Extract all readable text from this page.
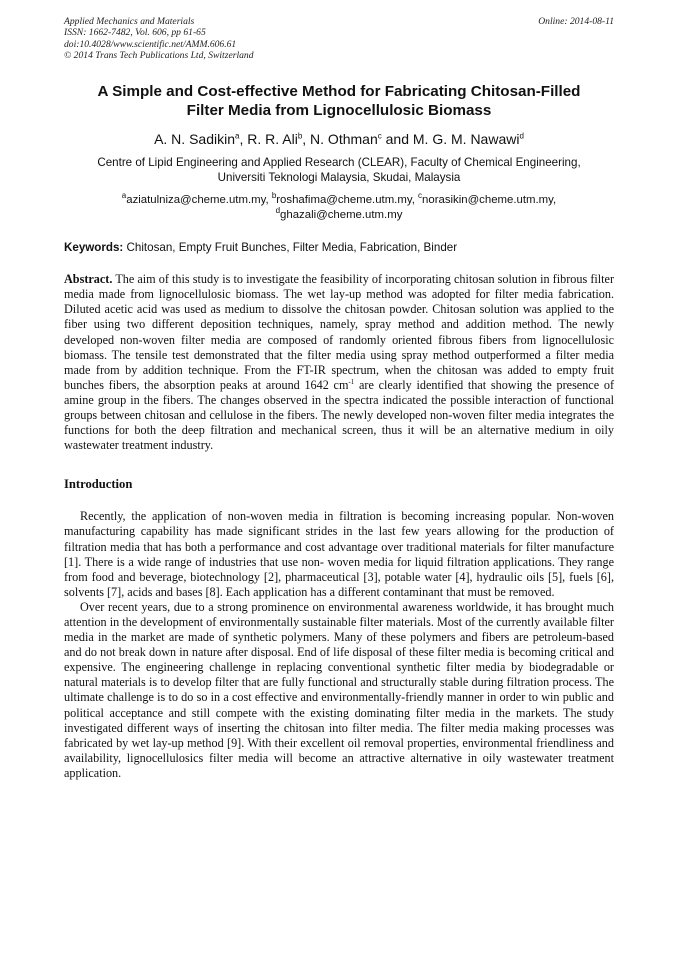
Applied Mechanics and Materials
ISSN: 1662-7482, Vol. 606, pp 61-65
doi:10.4028/www.scientific.net/AMM.606.61
© 2014 Trans Tech Publications Ltd, Switzerland
Online: 2014-08-11
A Simple and Cost-effective Method for Fabricating Chitosan-Filled
Filter Media from Lignocellulosic Biomass
A. N. Sadikin$^a$, R. R. Ali$^b$, N. Othman$^c$ and M. G. M. Nawawi$^d$
Centre of Lipid Engineering and Applied Research (CLEAR), Faculty of Chemical Engineering,
Universiti Teknologi Malaysia, Skudai, Malaysia
$^a$aziatulniza@cheme.utm.my, $^b$roshafima@cheme.utm.my, $^c$norasikin@cheme.utm.my,
$^d$ghazali@cheme.utm.my
Keywords: Chitosan, Empty Fruit Bunches, Filter Media, Fabrication, Binder
Abstract. The aim of this study is to investigate the feasibility of incorporating chitosan solution in fibrous filter media made from lignocellulosic biomass. The wet lay-up method was adopted for filter media fabrication. Diluted acetic acid was used as medium to dissolve the chitosan powder. Chitosan solution was applied to the fiber using two different deposition techniques, namely, spray method and addition method. The newly developed non-woven filter media are composed of randomly oriented fibrous fibers from lignocellulosic biomass. The tensile test demonstrated that the filter media using spray method outperformed a filter media made from by addition technique. From the FT-IR spectrum, when the chitosan was added to empty fruit bunches fibers, the absorption peaks at around 1642 $cm^{-1}$ are clearly identified that showing the presence of amine group in the fibers. The changes observed in the spectra indicated the possible interaction of functional groups between chitosan and cellulose in the fibers. The newly developed non-woven filter media integrates the functions for both the deep filtration and mechanical screen, thus it will be an alternative medium in oily wastewater treatment industry.
Introduction
Recently, the application of non-woven media in filtration is becoming increasing popular. Non-woven manufacturing capability has made significant strides in the last few years allowing for the production of filtration media that has both a performance and cost advantage over traditional materials for filter manufacture [1]. There is a wide range of industries that use non- woven media for liquid filtration applications. They range from food and beverage, biotechnology [2], pharmaceutical [3], potable water [4], hydraulic oils [5], fuels [6], solvents [7], acids and bases [8]. Each application has a different contaminant that must be removed.
Over recent years, due to a strong prominence on environmental awareness worldwide, it has brought much attention in the development of environmentally sustainable filter materials. Most of the currently available filter media in the market are made of synthetic polymers. Many of these polymers and fibers are petroleum-based and do not break down in nature after disposal. End of life disposal of these filter media is becoming critical and expensive. The engineering challenge in replacing conventional synthetic filter media by biodegradable or natural materials is to develop filter that are fully functional and structurally stable during filtration process. The ultimate challenge is to do so in a cost effective and environmentally-friendly manner in order to win public and political acceptance and still compete with the existing dominating filter media in the markets. The study investigated different ways of inserting the chitosan into filter media. The filter media making processes was fabricated by wet lay-up method [9]. With their excellent oil removal properties, environmental friendliness and availability, lignocellulosics filter media will become an attractive alternative in oily wastewater treatment application.
